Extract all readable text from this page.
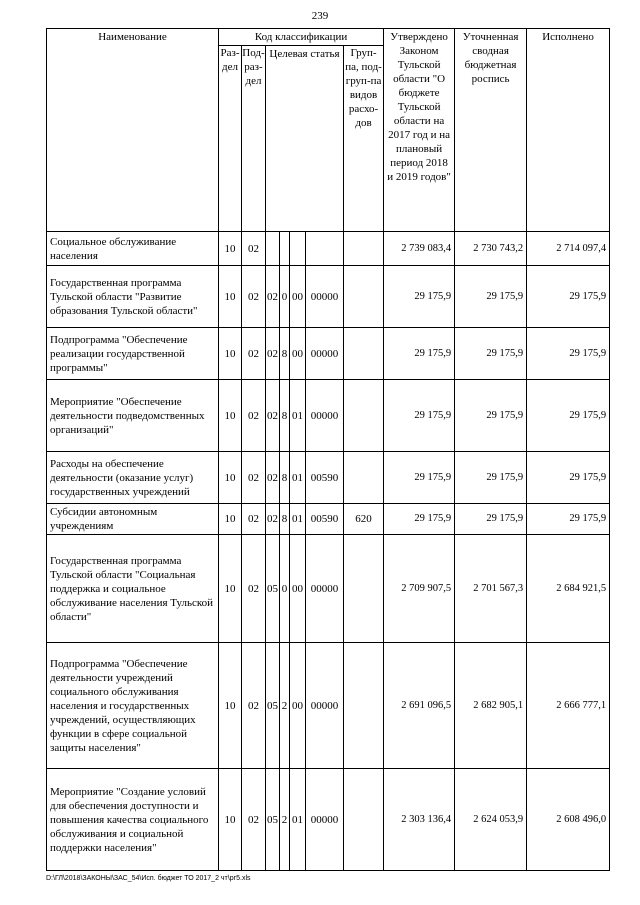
239
Наименование	Код классификации							Утверждено Законом Тульской области "О бюджете Тульской области на 2017 год и на плановый период 2018 и 2019 годов"	Уточненная сводная бюджетная роспись	Исполнено
	Раз-дел	Под-раз-дел	Целевая статья				Груп-па, под-груп-па видов расхо-дов			
Социальное обслуживание населения	10	02						2 739 083,4	2 730 743,2	2 714 097,4
Государственная программа Тульской области "Развитие образования Тульской области"	10	02	02	0	00	00000		29 175,9	29 175,9	29 175,9
Подпрограмма "Обеспечение реализации государственной программы"	10	02	02	8	00	00000		29 175,9	29 175,9	29 175,9
Мероприятие "Обеспечение деятельности подведомственных организаций"	10	02	02	8	01	00000		29 175,9	29 175,9	29 175,9
Расходы на обеспечение деятельности (оказание услуг) государственных учреждений	10	02	02	8	01	00590		29 175,9	29 175,9	29 175,9
Субсидии автономным учреждениям	10	02	02	8	01	00590	620	29 175,9	29 175,9	29 175,9
Государственная программа Тульской области "Социальная поддержка и социальное обслуживание населения Тульской области"	10	02	05	0	00	00000		2 709 907,5	2 701 567,3	2 684 921,5
Подпрограмма "Обеспечение деятельности учреждений социального обслуживания населения и государственных учреждений, осуществляющих функции в сфере социальной защиты населения"	10	02	05	2	00	00000		2 691 096,5	2 682 905,1	2 666 777,1
Мероприятие "Создание условий для обеспечения доступности и повышения качества социального обслуживания и социальной поддержки населения"	10	02	05	2	01	00000		2 303 136,4	2 624 053,9	2 608 496,0
D:\ГЛ\2018\ЗАКОНЫ\ЗАС_54\Исп. бюджет ТО 2017_2 чт\рг5.xls
